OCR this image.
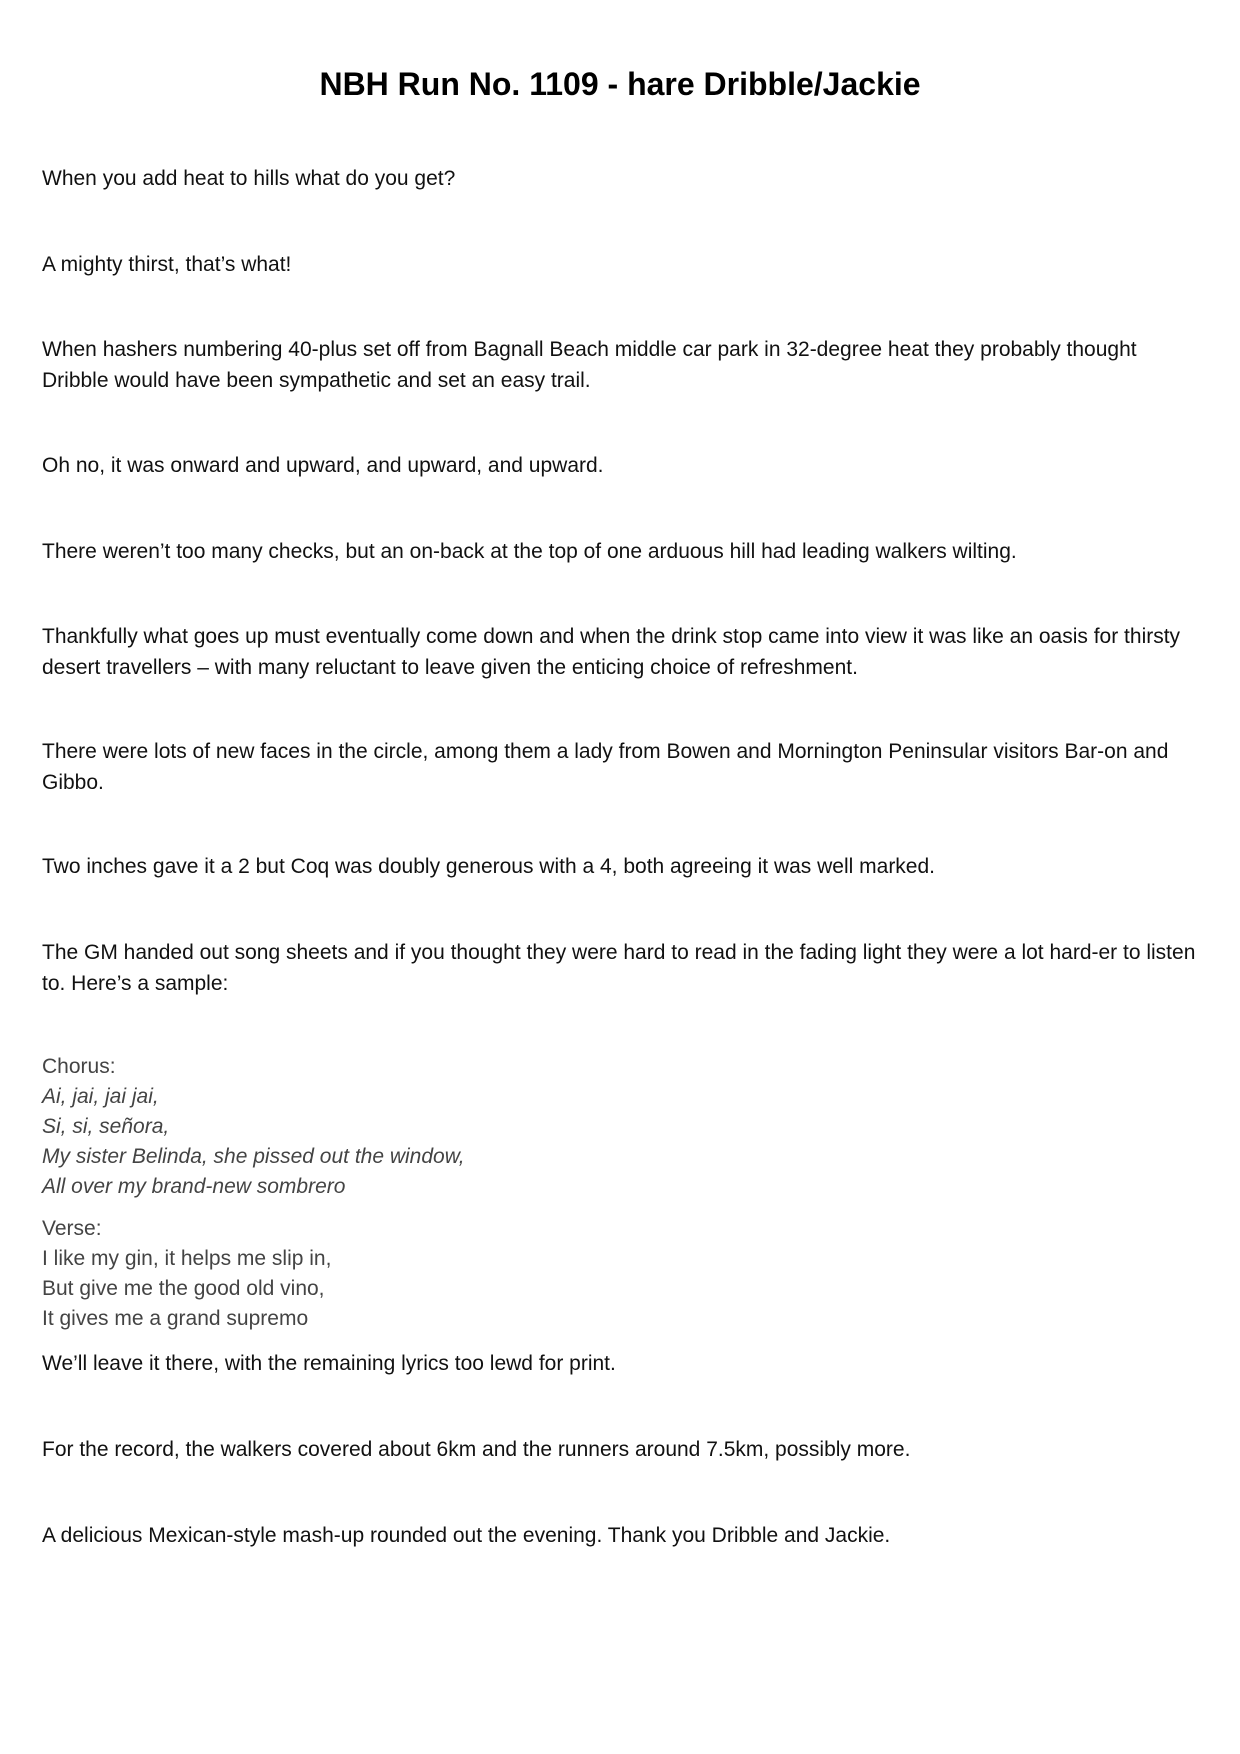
NBH Run No. 1109 - hare Dribble/Jackie

When you add heat to hills what do you get?

A mighty thirst, that’s what!

When hashers numbering 40-plus set off from Bagnall Beach middle car park in 32-degree heat they probably thought Dribble would have been sympathetic and set an easy trail.

Oh no, it was onward and upward, and upward, and upward.

There weren’t too many checks, but an on-back at the top of one arduous hill had leading walkers wilting.

Thankfully what goes up must eventually come down and when the drink stop came into view it was like an oasis for thirsty desert travellers – with many reluctant to leave given the enticing choice of refreshment.

There were lots of new faces in the circle, among them a lady from Bowen and Mornington Peninsular visitors Bar-on and Gibbo.

Two inches gave it a 2 but Coq was doubly generous with a 4, both agreeing it was well marked.

The GM handed out song sheets and if you thought they were hard to read in the fading light they were a lot hard-er to listen to. Here’s a sample:

Chorus:
Ai, jai, jai jai,
Si, si, señora,
My sister Belinda, she pissed out the window,
All over my brand-new sombrero
Verse:
I like my gin, it helps me slip in,
But give me the good old vino,
It gives me a grand supremo

We’ll leave it there, with the remaining lyrics too lewd for print.

For the record, the walkers covered about 6km and the runners around 7.5km, possibly more.

A delicious Mexican-style mash-up rounded out the evening. Thank you Dribble and Jackie.
